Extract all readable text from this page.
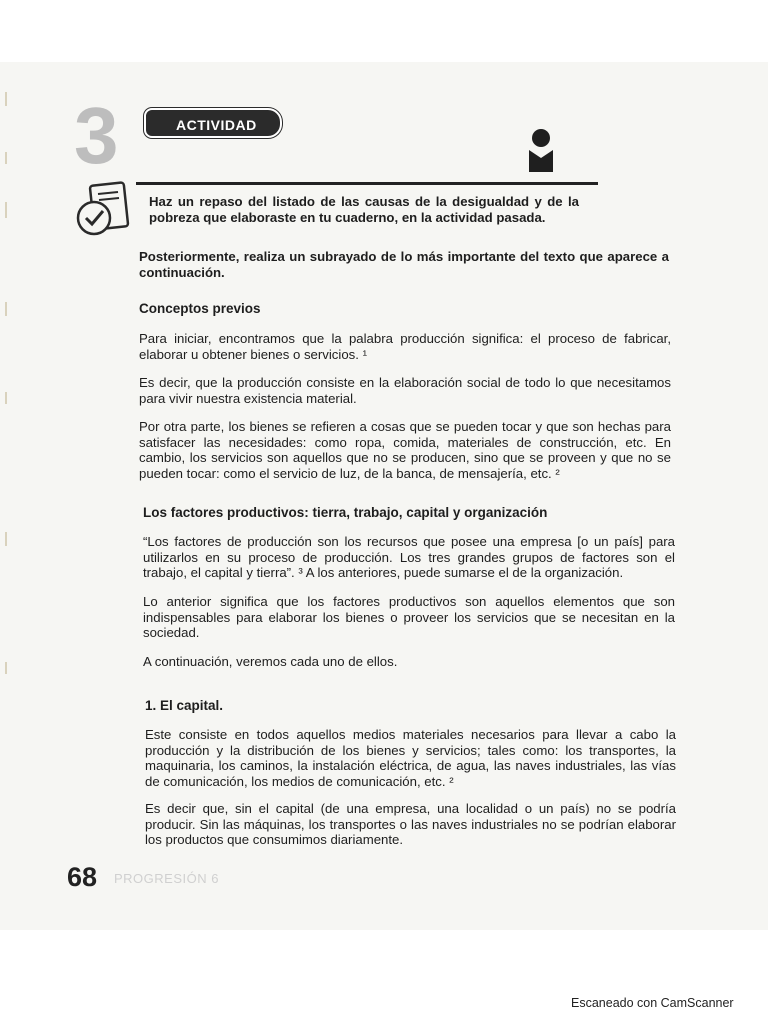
3	ACTIVIDAD
Haz un repaso del listado de las causas de la desigualdad y de la pobreza que elaboraste en tu cuaderno, en la actividad pasada.
Posteriormente, realiza un subrayado de lo más importante del texto que aparece a continuación.
Conceptos previos
Para iniciar, encontramos que la palabra producción significa: el proceso de fabricar, elaborar u obtener bienes o servicios. ¹
Es decir, que la producción consiste en la elaboración social de todo lo que necesitamos para vivir nuestra existencia material.
Por otra parte, los bienes se refieren a cosas que se pueden tocar y que son hechas para satisfacer las necesidades: como ropa, comida, materiales de construcción, etc. En cambio, los servicios son aquellos que no se producen, sino que se proveen y que no se pueden tocar: como el servicio de luz, de la banca, de mensajería, etc. ²
Los factores productivos: tierra, trabajo, capital y organización
“Los factores de producción son los recursos que posee una empresa [o un país] para utilizarlos en su proceso de producción. Los tres grandes grupos de factores son el trabajo, el capital y tierra”. ³ A los anteriores, puede sumarse el de la organización.
Lo anterior significa que los factores productivos son aquellos elementos que son indispensables para elaborar los bienes o proveer los servicios que se necesitan en la sociedad.
A continuación, veremos cada uno de ellos.
1. El capital.
Este consiste en todos aquellos medios materiales necesarios para llevar a cabo la producción y la distribución de los bienes y servicios; tales como: los transportes, la maquinaria, los caminos, la instalación eléctrica, de agua, las naves industriales, las vías de comunicación, los medios de comunicación, etc. ²
Es decir que, sin el capital (de una empresa, una localidad o un país) no se podría producir. Sin las máquinas, los transportes o las naves industriales no se podrían elaborar los productos que consumimos diariamente.
68 PROGRESIÓN 6
Escaneado con CamScanner
